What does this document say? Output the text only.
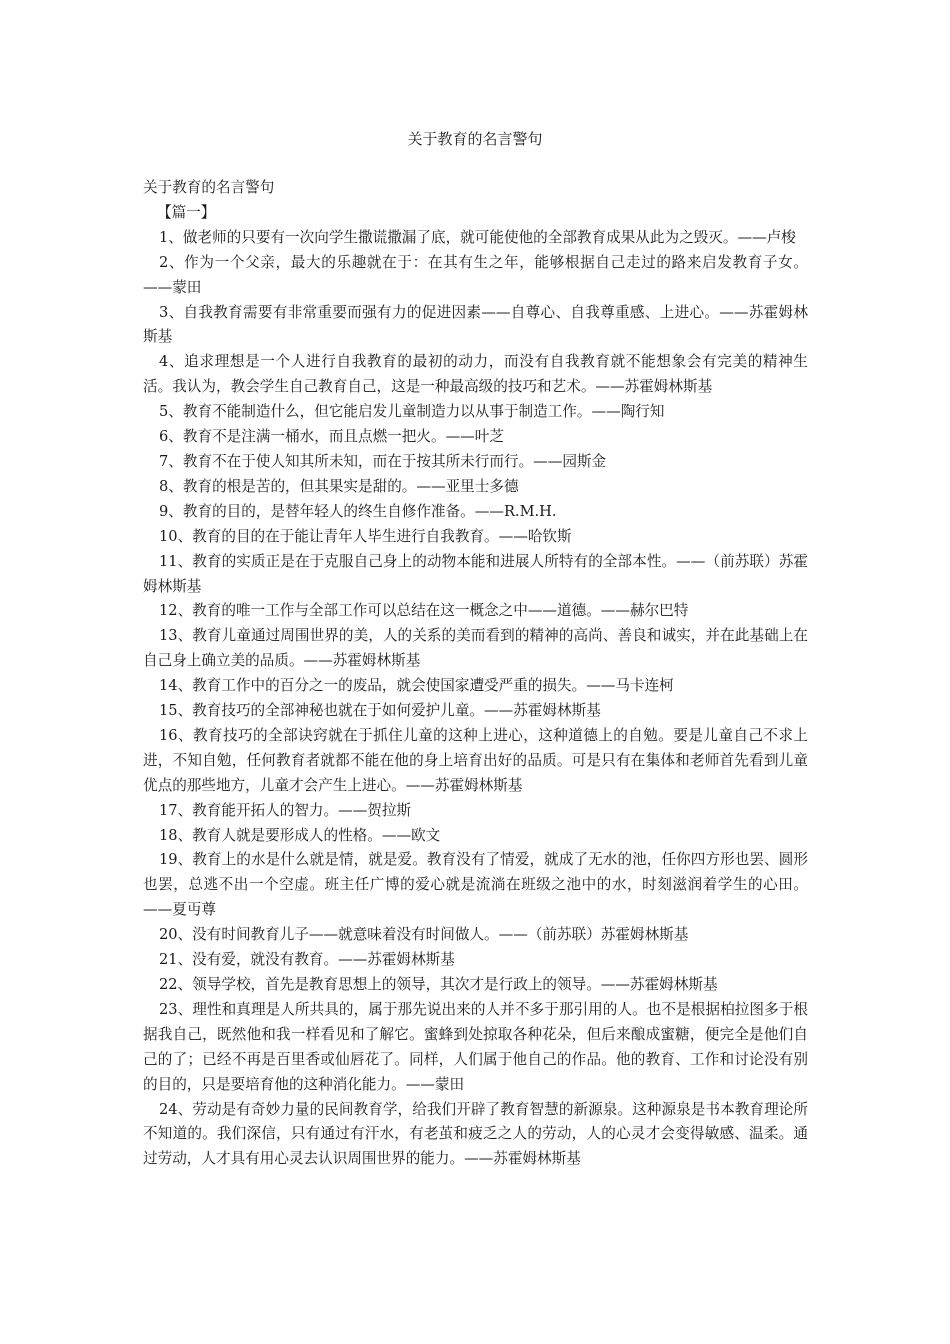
关于教育的名言警句

关于教育的名言警句

【篇一】

1、做老师的只要有一次向学生撒谎撒漏了底，就可能使他的全部教育成果从此为之毁灭。——卢梭

2、作为一个父亲，最大的乐趣就在于：在其有生之年，能够根据自己走过的路来启发教育子女。——蒙田

3、自我教育需要有非常重要而强有力的促进因素——自尊心、自我尊重感、上进心。——苏霍姆林斯基

4、追求理想是一个人进行自我教育的最初的动力，而没有自我教育就不能想象会有完美的精神生活。我认为，教会学生自己教育自己，这是一种最高级的技巧和艺术。——苏霍姆林斯基

5、教育不能制造什么，但它能启发儿童制造力以从事于制造工作。——陶行知

6、教育不是注满一桶水，而且点燃一把火。——叶芝

7、教育不在于使人知其所未知，而在于按其所未行而行。——园斯金

8、教育的根是苦的，但其果实是甜的。——亚里士多德

9、教育的目的，是替年轻人的终生自修作准备。——R.M.H.

10、教育的目的在于能让青年人毕生进行自我教育。——哈钦斯

11、教育的实质正是在于克服自己身上的动物本能和进展人所特有的全部本性。——（前苏联）苏霍姆林斯基

12、教育的唯一工作与全部工作可以总结在这一概念之中——道德。——赫尔巴特

13、教育儿童通过周围世界的美，人的关系的美而看到的精神的高尚、善良和诚实，并在此基础上在自己身上确立美的品质。——苏霍姆林斯基

14、教育工作中的百分之一的废品，就会使国家遭受严重的损失。——马卡连柯

15、教育技巧的全部神秘也就在于如何爱护儿童。——苏霍姆林斯基

16、教育技巧的全部诀窍就在于抓住儿童的这种上进心，这种道德上的自勉。要是儿童自己不求上进，不知自勉，任何教育者就都不能在他的身上培育出好的品质。可是只有在集体和老师首先看到儿童优点的那些地方，儿童才会产生上进心。——苏霍姆林斯基

17、教育能开拓人的智力。——贺拉斯

18、教育人就是要形成人的性格。——欧文

19、教育上的水是什么就是情，就是爱。教育没有了情爱，就成了无水的池，任你四方形也罢、圆形也罢，总逃不出一个空虚。班主任广博的爱心就是流淌在班级之池中的水，时刻滋润着学生的心田。——夏丏尊

20、没有时间教育儿子——就意味着没有时间做人。——（前苏联）苏霍姆林斯基

21、没有爱，就没有教育。——苏霍姆林斯基

22、领导学校，首先是教育思想上的领导，其次才是行政上的领导。——苏霍姆林斯基

23、理性和真理是人所共具的，属于那先说出来的人并不多于那引用的人。也不是根据柏拉图多于根据我自己，既然他和我一样看见和了解它。蜜蜂到处掠取各种花朵，但后来酿成蜜糖，便完全是他们自己的了；已经不再是百里香或仙唇花了。同样，人们属于他自己的作品。他的教育、工作和讨论没有别的目的，只是要培育他的这种消化能力。——蒙田

24、劳动是有奇妙力量的民间教育学，给我们开辟了教育智慧的新源泉。这种源泉是书本教育理论所不知道的。我们深信，只有通过有汗水，有老茧和疲乏之人的劳动，人的心灵才会变得敏感、温柔。通过劳动，人才具有用心灵去认识周围世界的能力。——苏霍姆林斯基
